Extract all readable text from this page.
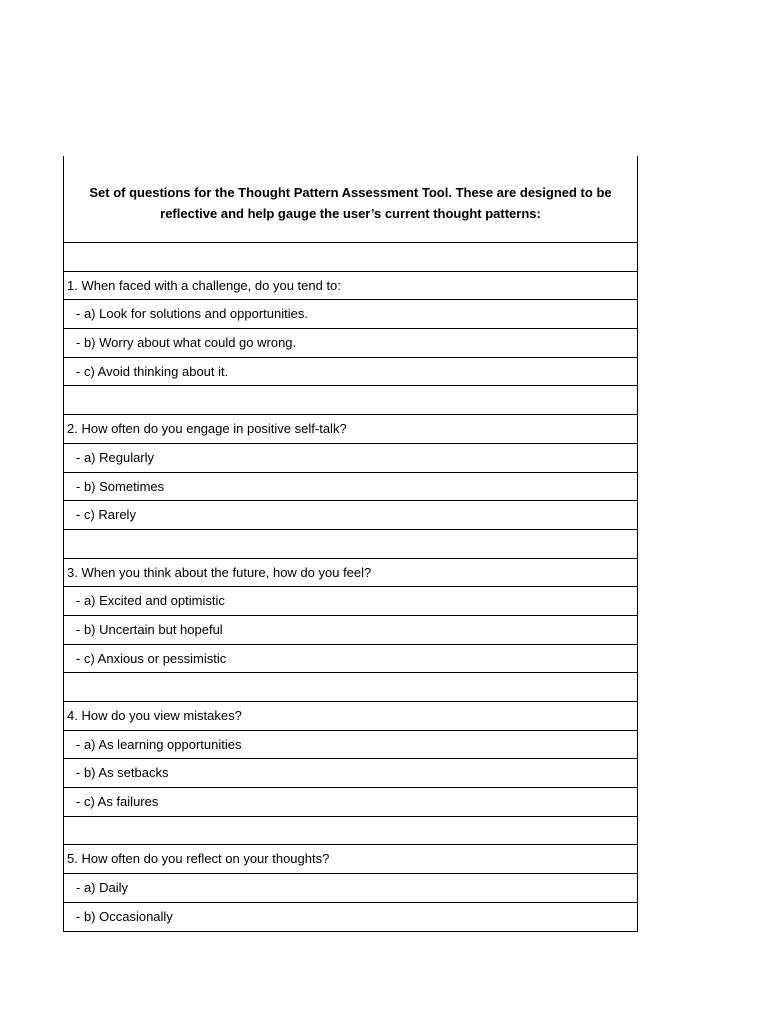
Set of questions for the Thought Pattern Assessment Tool. These are designed to be
reflective and help gauge the user’s current thought patterns:
1. When faced with a challenge, do you tend to:
- a) Look for solutions and opportunities.
- b) Worry about what could go wrong.
- c) Avoid thinking about it.
2. How often do you engage in positive self-talk?
- a) Regularly
- b) Sometimes
- c) Rarely
3. When you think about the future, how do you feel?
- a) Excited and optimistic
- b) Uncertain but hopeful
- c) Anxious or pessimistic
4. How do you view mistakes?
- a) As learning opportunities
- b) As setbacks
- c) As failures
5. How often do you reflect on your thoughts?
- a) Daily
- b) Occasionally
